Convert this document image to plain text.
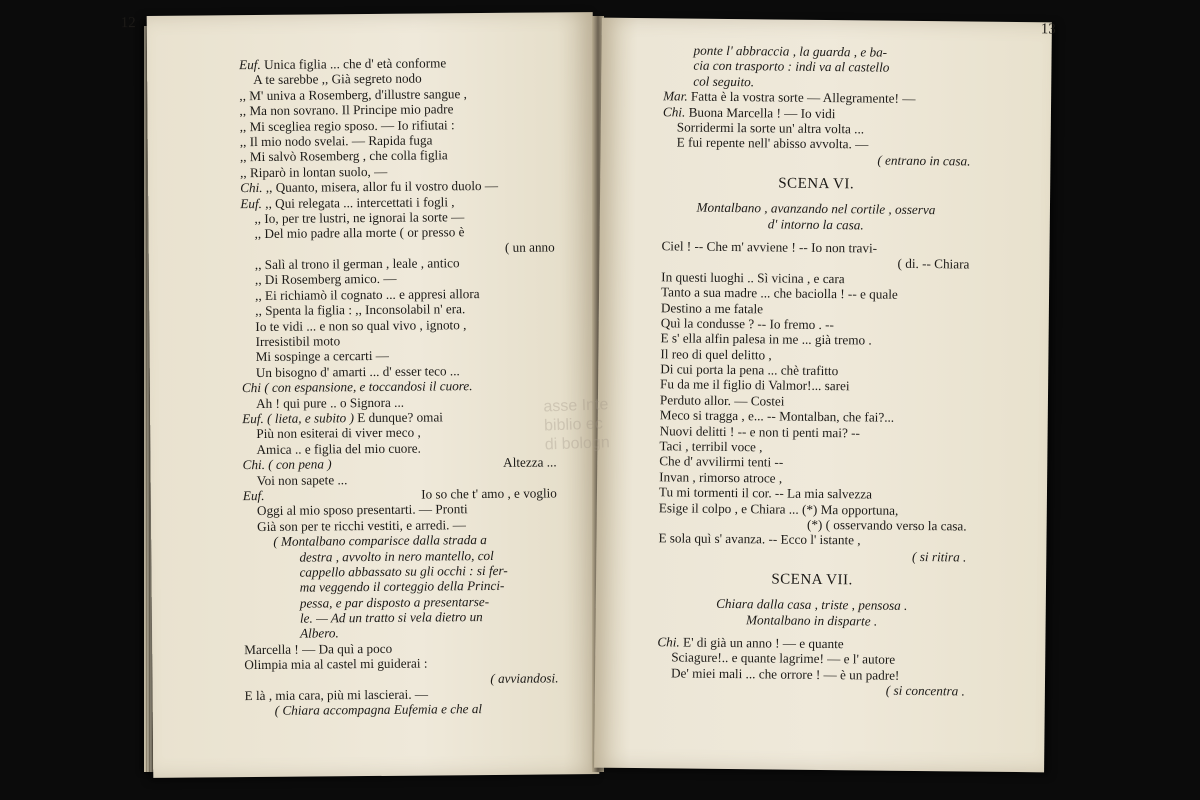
12
Euf. Unica figlia ... che d' età conforme
A te sarebbe ,, Già segreto nodo
,, M' univa a Rosemberg, d'illustre sangue ,
,, Ma non sovrano. Il Principe mio padre
,, Mi sceglieа regio sposo. — Io rifiutai :
,, Il mio nodo svelai. — Rapida fuga
,, Mi salvò Rosemberg , che colla figlia
,, Riparò in lontan suolo, —
Chi. ,, Quanto, misera, allor fu il vostro duolo —
Euf. ,, Qui relegata ... intercettati i fogli ,
,, Io, per tre lustri, ne ignorai la sorte —
,, Del mio padre alla morte ( or presso è
( un anno
,, Salì al trono il german , leale , antico
,, Di Rosemberg amico. —
,, Ei richiamò il cognato ... e appresi allora
,, Spenta la figlia : ,, Inconsolabil n' era.
Io te vidi ... e non so qual vivo , ignoto ,
Irresistibil moto
Mi sospinge a cercarti —
Un bisogno d' amarti ... d' esser teco ...
Chi ( con espansione, e toccandosi il cuore.
Ah ! qui pure .. o Signora ...
Euf. ( lieta, e subito ) E dunque? omai
Più non esiterai di viver meco ,
Amica .. e figlia del mio cuore.
Chi. ( con pena )	Altezza ...
Voi non sapete ...
Euf.	Io so che t' amo , e voglio
Oggi al mio sposo presentarti. — Pronti
Già son per te ricchi vestiti, e arredi. —
( Montalbano comparisce dalla strada a
destra , avvolto in nero mantello, col
cappello abbassato su gli occhi : si fer-
ma veggendo il corteggio della Princi-
pessa, e par disposto a presentarse-
le. — Ad un tratto si vela dietro un
Albero.
Marcella ! — Da quì a poco
Olimpia mia al castel mi guiderai :
( avviandosi.
E là , mia cara, più mi lascierai. —
( Chiara accompagna Eufemia e che al
13
ponte l' abbraccia , la guarda , e ba-
cia con trasporto : indi va al castello
col seguito.
Mar. Fatta è la vostra sorte — Allegramente! —
Chi. Buona Marcella ! — Io vidi
Sorridermi la sorte un' altra volta ...
E fui repente nell' abisso avvolta. —
( entrano in casa.
SCENA VI.
Montalbano , avanzando nel cortile , osserva
d' intorno la casa.
Ciel ! -- Che m' avviene ! -- Io non travi-
( di. -- Chiara
In questi luoghi .. Sì vicina , e cara
Tanto a sua madre ... che baciolla ! -- e quale
Destino a me fatale
Quì la condusse ? -- Io fremo . --
E s' ella alfin palesa in me ... già tremo .
Il reo di quel delitto ,
Di cui porta la pena ... chè trafitto
Fu da me il figlio di Valmor!... sarei
Perduto allor. — Costei
Meco si tragga , e... -- Montalban, che fai?...
Nuovi delitti ! -- e non ti penti mai? --
Taci , terribil voce ,
Che d' avvilirmi tenti --
Invan , rimorso atroce ,
Tu mi tormenti il cor. -- La mia salvezza
Esige il colpo , e Chiara ... (*) Ma opportuna,
(*) ( osservando verso la casa.
E sola quì s' avanza. -- Ecco l' istante ,
( si ritira .
SCENA VII.
Chiara dalla casa , triste , pensosa .
Montalbano in disparte .
Chi. E' di già un anno ! — e quante
Sciagure!.. e quante lagrime! — e l' autore
De' miei mali ... che orrore ! — è un padre!
( si concentra .
asse Inte
biblio ec
di bologn
